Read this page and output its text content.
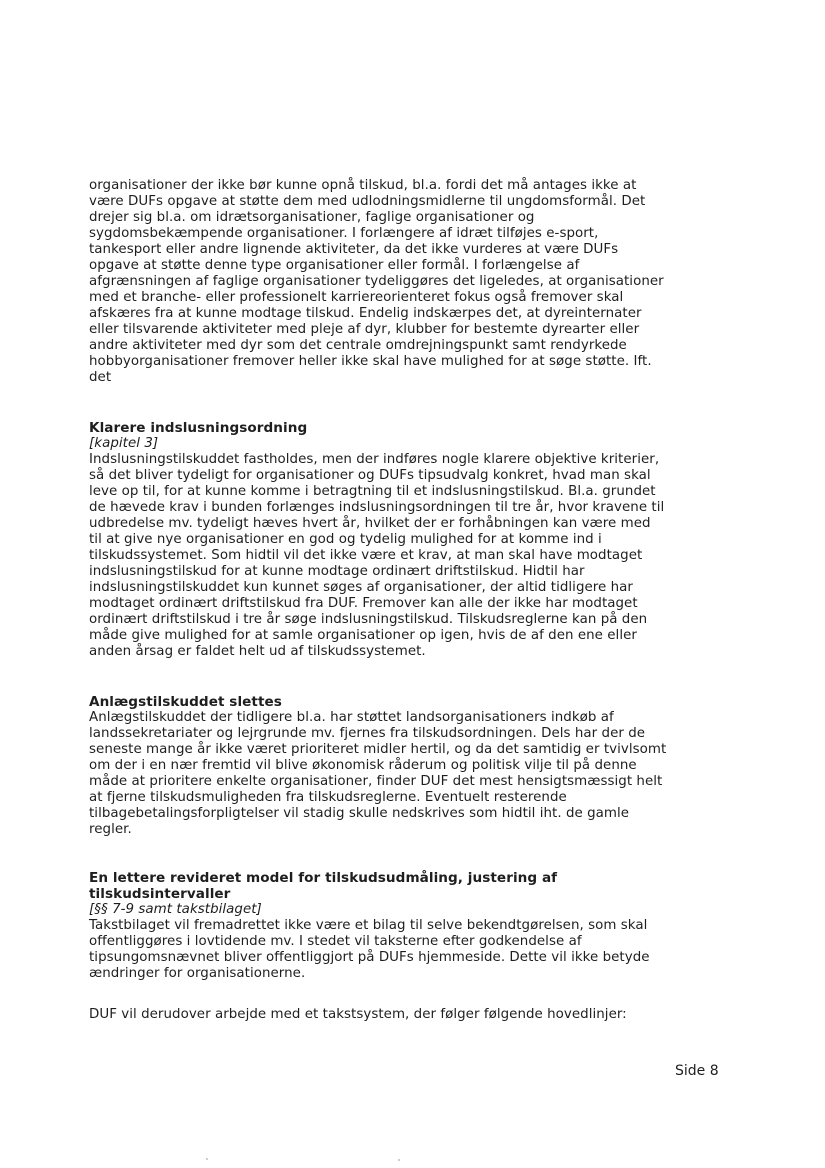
organisationer der ikke bør kunne opnå tilskud, bl.a. fordi det må antages ikke at
være DUFs opgave at støtte dem med udlodningsmidlerne til ungdomsformål. Det
drejer sig bl.a. om idrætsorganisationer, faglige organisationer og
sygdomsbekæmpende organisationer. I forlængere af idræt tilføjes e-sport,
tankesport eller andre lignende aktiviteter, da det ikke vurderes at være DUFs
opgave at støtte denne type organisationer eller formål. I forlængelse af
afgrænsningen af faglige organisationer tydeliggøres det ligeledes, at organisationer
med et branche- eller professionelt karriereorienteret fokus også fremover skal
afskæres fra at kunne modtage tilskud. Endelig indskærpes det, at dyreinternater
eller tilsvarende aktiviteter med pleje af dyr, klubber for bestemte dyrearter eller
andre aktiviteter med dyr som det centrale omdrejningspunkt samt rendyrkede
hobbyorganisationer fremover heller ikke skal have mulighed for at søge støtte. Ift.
det
Klarere indslusningsordning
[kapitel 3]
Indslusningstilskuddet fastholdes, men der indføres nogle klarere objektive kriterier,
så det bliver tydeligt for organisationer og DUFs tipsudvalg konkret, hvad man skal
leve op til, for at kunne komme i betragtning til et indslusningstilskud. Bl.a. grundet
de hævede krav i bunden forlænges indslusningsordningen til tre år, hvor kravene til
udbredelse mv. tydeligt hæves hvert år, hvilket der er forhåbningen kan være med
til at give nye organisationer en god og tydelig mulighed for at komme ind i
tilskudssystemet. Som hidtil vil det ikke være et krav, at man skal have modtaget
indslusningstilskud for at kunne modtage ordinært driftstilskud. Hidtil har
indslusningstilskuddet kun kunnet søges af organisationer, der altid tidligere har
modtaget ordinært driftstilskud fra DUF. Fremover kan alle der ikke har modtaget
ordinært driftstilskud i tre år søge indslusningstilskud. Tilskudsreglerne kan på den
måde give mulighed for at samle organisationer op igen, hvis de af den ene eller
anden årsag er faldet helt ud af tilskudssystemet.
Anlægstilskuddet slettes
Anlægstilskuddet der tidligere bl.a. har støttet landsorganisationers indkøb af
landssekretariater og lejrgrunde mv. fjernes fra tilskudsordningen. Dels har der de
seneste mange år ikke været prioriteret midler hertil, og da det samtidig er tvivlsomt
om der i en nær fremtid vil blive økonomisk råderum og politisk vilje til på denne
måde at prioritere enkelte organisationer, finder DUF det mest hensigtsmæssigt helt
at fjerne tilskudsmuligheden fra tilskudsreglerne. Eventuelt resterende
tilbagebetalingsforpligtelser vil stadig skulle nedskrives som hidtil iht. de gamle
regler.
En lettere revideret model for tilskudsudmåling, justering af
tilskudsintervaller
[§§ 7-9 samt takstbilaget]
Takstbilaget vil fremadrettet ikke være et bilag til selve bekendtgørelsen, som skal
offentliggøres i lovtidende mv. I stedet vil taksterne efter godkendelse af
tipsungomsnævnet bliver offentliggjort på DUFs hjemmeside. Dette vil ikke betyde
ændringer for organisationerne.
DUF vil derudover arbejde med et takstsystem, der følger følgende hovedlinjer:
Side 8
